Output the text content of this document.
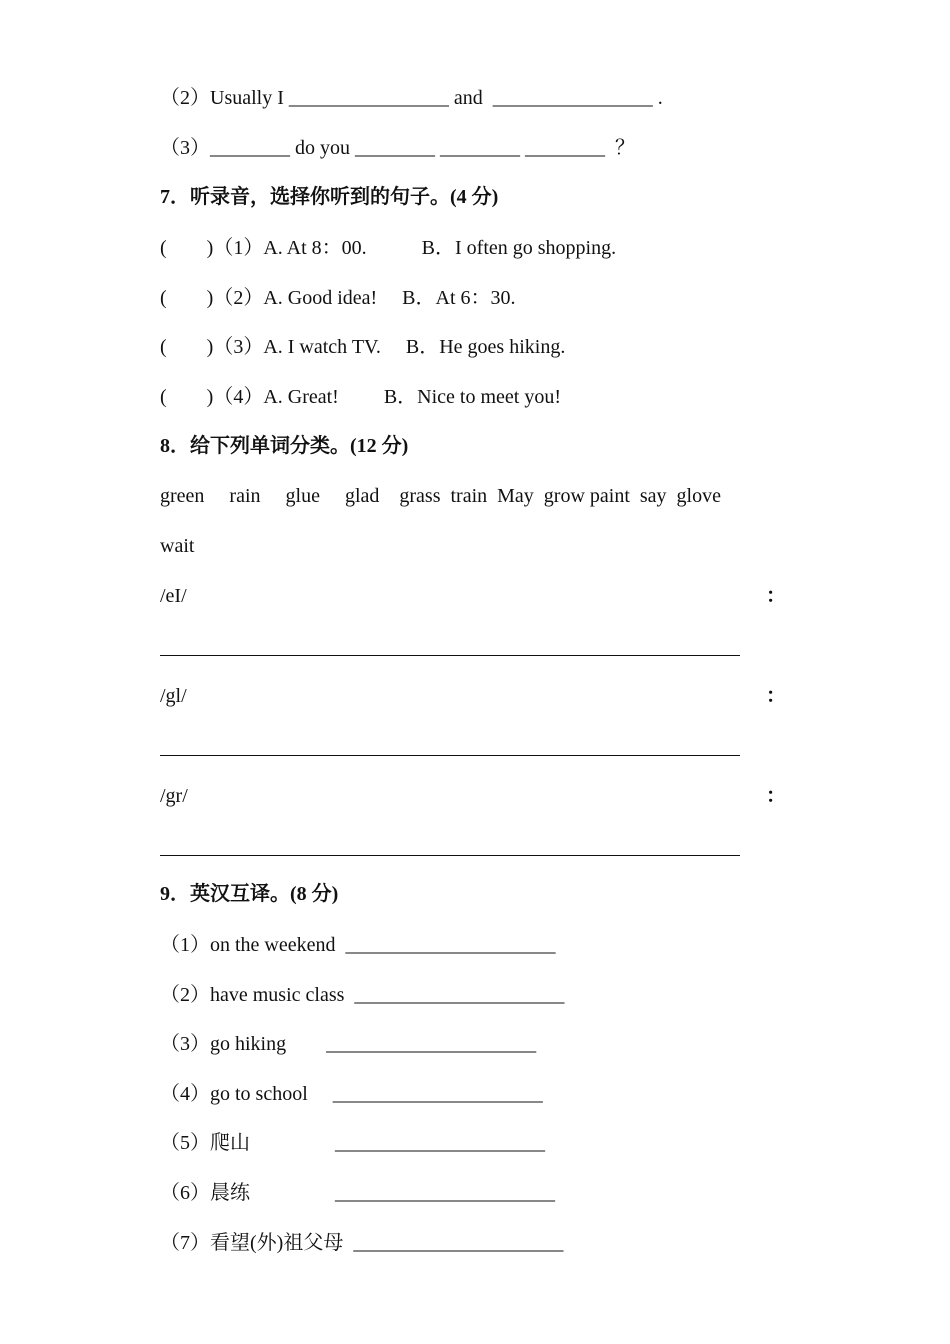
（2）Usually I ________________ and  ________________ .
（3）________ do you ________ ________ ________  ？
7．听录音，选择你听到的句子。(4 分)
(        )（1）A. At 8：00.           B．I often go shopping.
(        )（2）A. Good idea!     B．At 6：30.
(        )（3）A. I watch TV.     B．He goes hiking.
(        )（4）A. Great!         B．Nice to meet you!
8．给下列单词分类。(12 分)
green     rain     glue     glad    grass  train  May  grow paint  say  glove
wait
/eI/	：
/gl/	：
/gr/	：
9．英汉互译。(8 分)
（1）on the weekend  _____________________
（2）have music class  _____________________
（3）go hiking        _____________________
（4）go to school     _____________________
（5）爬山                 _____________________
（6）晨练                 ______________________
（7）看望(外)祖父母  _____________________
